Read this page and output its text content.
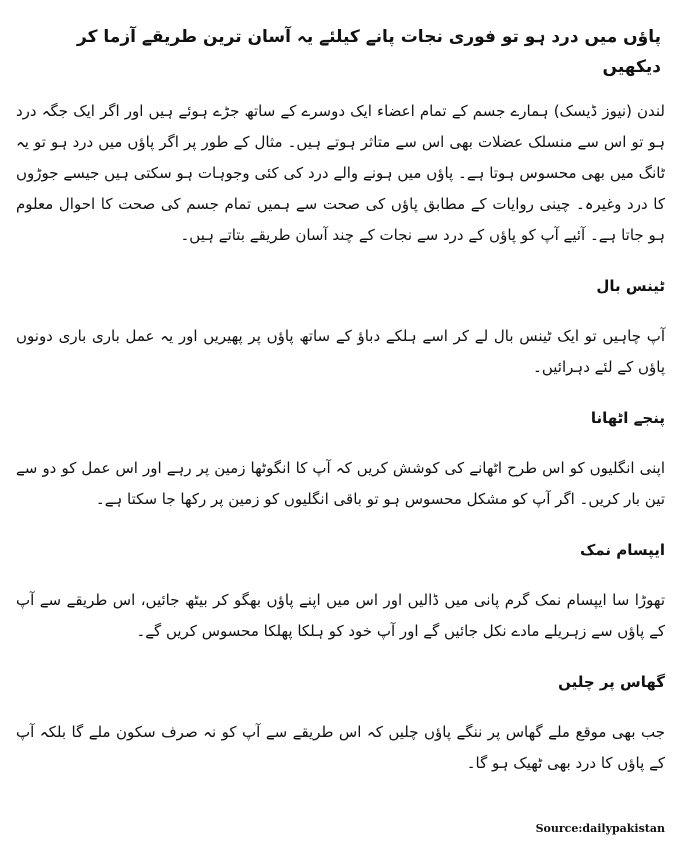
پاؤں میں درد ہو تو فوری نجات پانے کیلئے یہ آسان ترین طریقے آزما کر دیکھیں
لندن (نیوز ڈیسک) ہمارے جسم کے تمام اعضاء ایک دوسرے کے ساتھ جڑے ہوئے ہیں اور اگر ایک جگہ درد ہو تو اس سے منسلک عضلات بھی اس سے متاثر ہوتے ہیں۔ مثال کے طور پر اگر پاؤں میں درد ہو تو یہ ٹانگ میں بھی محسوس ہوتا ہے۔ پاؤں میں ہونے والے درد کی کئی وجوہات ہو سکتی ہیں جیسے جوڑوں کا درد وغیرہ۔ چینی روایات کے مطابق پاؤں کی صحت سے ہمیں تمام جسم کی صحت کا احوال معلوم ہو جاتا ہے۔ آئیے آپ کو پاؤں کے درد سے نجات کے چند آسان طریقے بتاتے ہیں۔
ٹینس بال
آپ چاہیں تو ایک ٹینس بال لے کر اسے ہلکے دباؤ کے ساتھ پاؤں پر پھیریں اور یہ عمل باری باری دونوں پاؤں کے لئے دہرائیں۔
پنجے اٹھانا
اپنی انگلیوں کو اس طرح اٹھانے کی کوشش کریں کہ آپ کا انگوٹھا زمین پر رہے اور اس عمل کو دو سے تین بار کریں۔ اگر آپ کو مشکل محسوس ہو تو باقی انگلیوں کو زمین پر رکھا جا سکتا ہے۔
ایپسام نمک
تھوڑا سا ایپسام نمک گرم پانی میں ڈالیں اور اس میں اپنے پاؤں بھگو کر بیٹھ جائیں، اس طریقے سے آپ کے پاؤں سے زہریلے مادے نکل جائیں گے اور آپ خود کو ہلکا پھلکا محسوس کریں گے۔
گھاس پر چلیں
جب بھی موقع ملے گھاس پر ننگے پاؤں چلیں کہ اس طریقے سے آپ کو نہ صرف سکون ملے گا بلکہ آپ کے پاؤں کا درد بھی ٹھیک ہو گا۔
Source:dailypakistan
